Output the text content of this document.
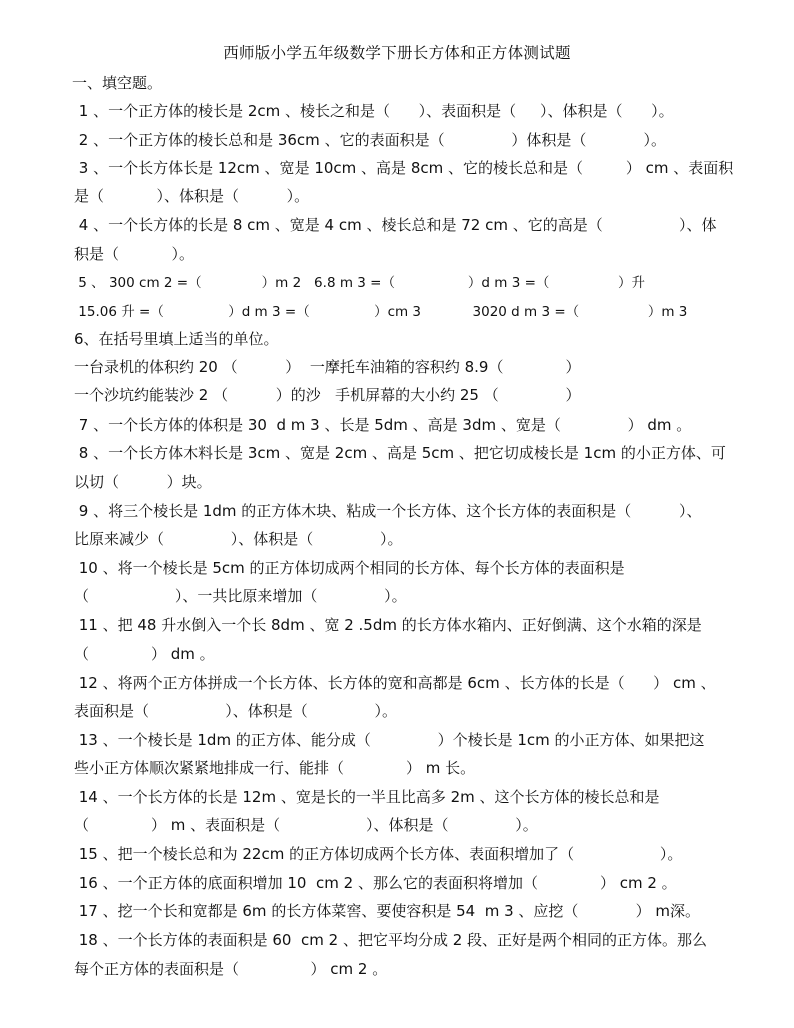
西师版小学五年级数学下册长方体和正方体测试题
一、填空题。
1 、一个正方体的棱长是 2cm 、棱长之和是（      ）、表面积是（     ）、体积是（      ）。
2 、一个正方体的棱长总和是 36cm 、它的表面积是（              ）体积是（            ）。
3 、一个长方体长是 12cm 、宽是 10cm 、高是 8cm 、它的棱长总和是（         ） cm 、表面积
是（           ）、体积是（          ）。
4 、一个长方体的长是 8 cm 、宽是 4 cm 、棱长总和是 72 cm 、它的高是（                ）、体
积是（           ）。
5 、 300 cm 2 =（              ）m 2   6.8 m 3 =（                 ）d m 3 =（                ）升
15.06 升 =（               ）d m 3 =（               ）cm 3            3020 d m 3 =（                ）m 3
6、在括号里填上适当的单位。
一台录机的体积约 20 （          ）  一摩托车油箱的容积约 8.9（             ）
一个沙坑约能装沙 2 （          ）的沙   手机屏幕的大小约 25 （              ）
7 、一个长方体的体积是 30  d m 3 、长是 5dm 、高是 3dm 、宽是（              ） dm 。
8 、一个长方体木料长是 3cm 、宽是 2cm 、高是 5cm 、把它切成棱长是 1cm 的小正方体、可
以切（          ）块。
9 、将三个棱长是 1dm 的正方体木块、粘成一个长方体、这个长方体的表面积是（          ）、
比原来减少（              ）、体积是（              ）。
10 、将一个棱长是 5cm 的正方体切成两个相同的长方体、每个长方体的表面积是
（                  ）、一共比原来增加（              ）。
11 、把 48 升水倒入一个长 8dm 、宽 2 .5dm 的长方体水箱内、正好倒满、这个水箱的深是
（             ） dm 。
12 、将两个正方体拼成一个长方体、长方体的宽和高都是 6cm 、长方体的长是（      ） cm 、
表面积是（                ）、体积是（              ）。
13 、一个棱长是 1dm 的正方体、能分成（              ）个棱长是 1cm 的小正方体、如果把这
些小正方体顺次紧紧地排成一行、能排（             ） m 长。
14 、一个长方体的长是 12m 、宽是长的一半且比高多 2m 、这个长方体的棱长总和是
（             ） m 、表面积是（                  ）、体积是（              ）。
15 、把一个棱长总和为 22cm 的正方体切成两个长方体、表面积增加了（                  ）。
16 、一个正方体的底面积增加 10  cm 2 、那么它的表面积将增加（             ） cm 2 。
17 、挖一个长和宽都是 6m 的长方体菜窖、要使容积是 54  m 3 、应挖（            ） m深。
18 、一个长方体的表面积是 60  cm 2 、把它平均分成 2 段、正好是两个相同的正方体。那么
每个正方体的表面积是（               ） cm 2 。
